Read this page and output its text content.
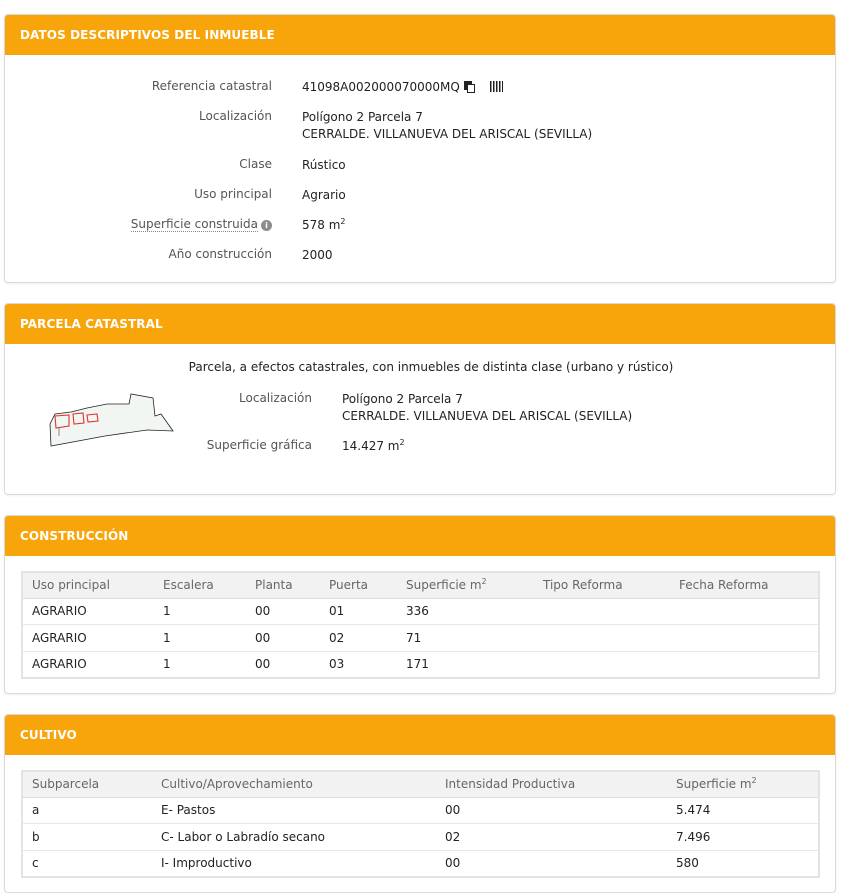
DATOS DESCRIPTIVOS DEL INMUEBLE
Referencia catastral	41098A002000070000MQ
Localización	Polígono 2 Parcela 7
CERRALDE. VILLANUEVA DEL ARISCAL (SEVILLA)
Clase	Rústico
Uso principal	Agrario
Superficie construida i	578 $m^2$
Año construcción	2000
PARCELA CATASTRAL
Parcela, a efectos catastrales, con inmuebles de distinta clase (urbano y rústico)
Localización	Polígono 2 Parcela 7
CERRALDE. VILLANUEVA DEL ARISCAL (SEVILLA)
Superficie gráfica	14.427 $m^2$
CONSTRUCCIÓN
Uso principal	Escalera	Planta	Puerta	Superficie $m^2$	Tipo Reforma	Fecha Reforma
AGRARIO	1	00	01	336		
AGRARIO	1	00	02	71		
AGRARIO	1	00	03	171		
CULTIVO
Subparcela	Cultivo/Aprovechamiento	Intensidad Productiva	Superficie $m^2$
a	E- Pastos	00	5.474
b	C- Labor o Labradío secano	02	7.496
c	I- Improductivo	00	580
